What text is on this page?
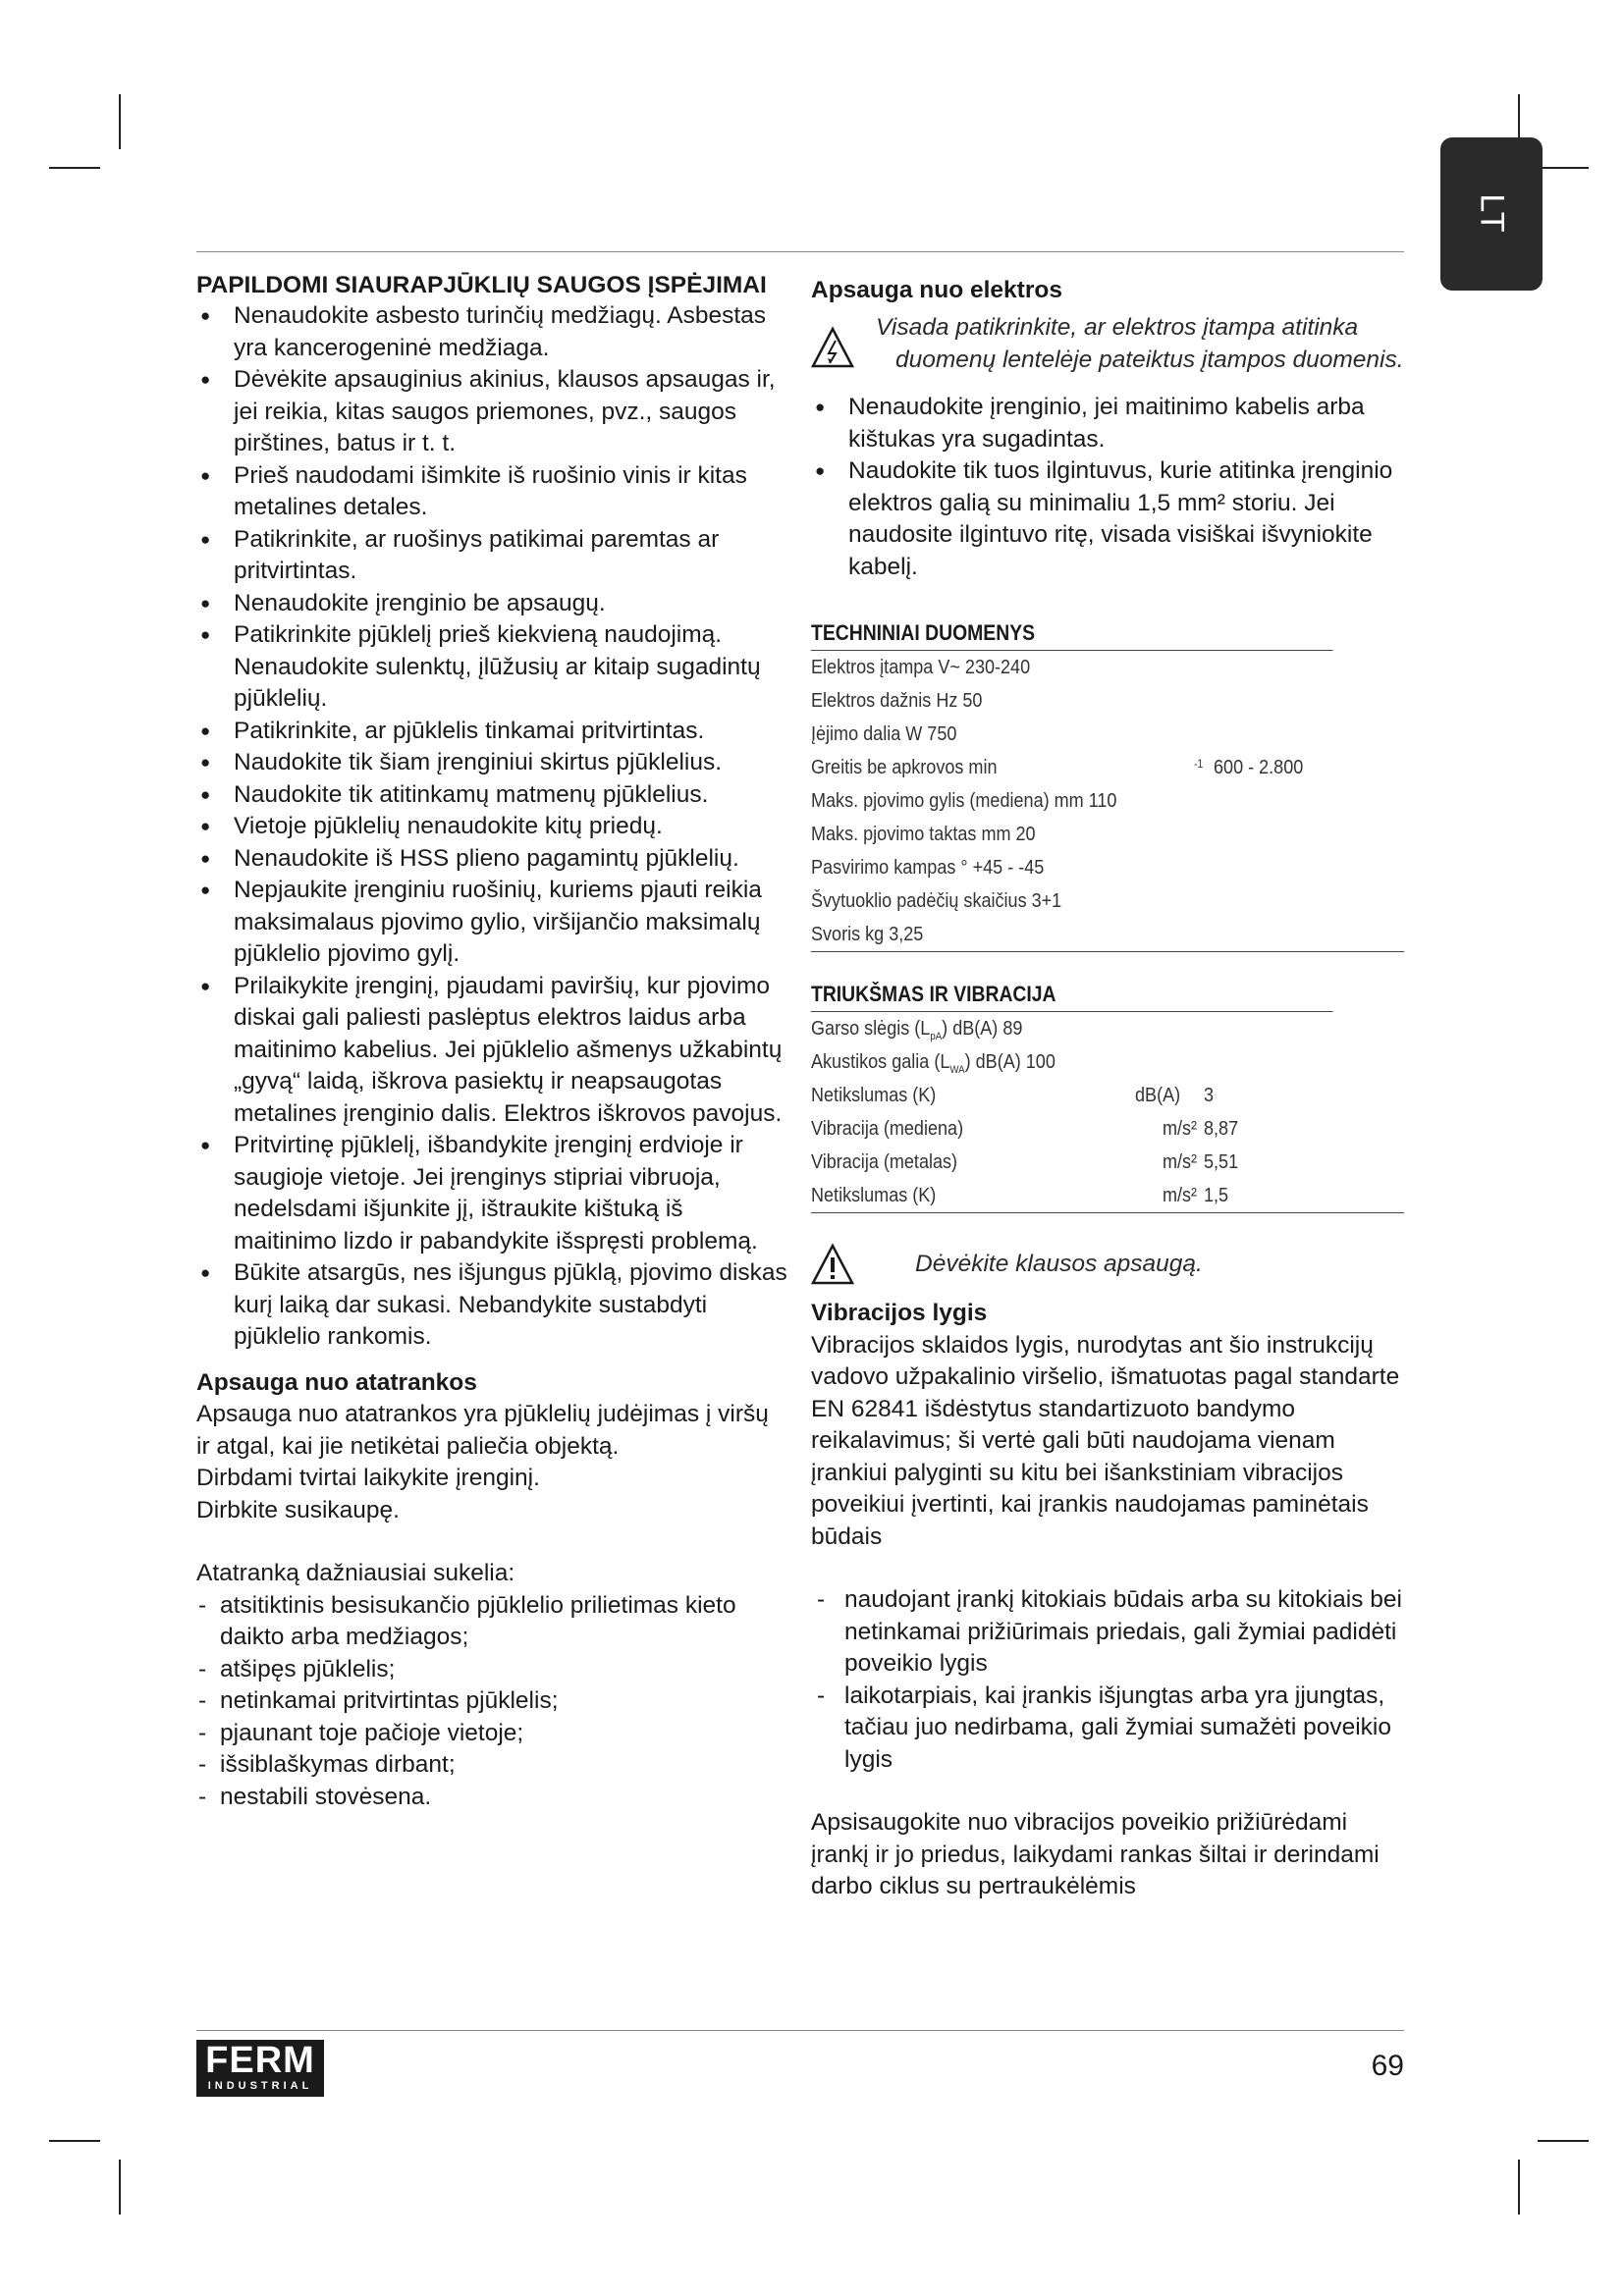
LT
PAPILDOMI SIAURAPJŪKLIŲ SAUGOS ĮSPĖJIMAI
● Nenaudokite asbesto turinčių medžiagų. Asbestas yra kancerogeninė medžiaga.
● Dėvėkite apsauginius akinius, klausos apsaugas ir, jei reikia, kitas saugos priemones, pvz., saugos pirštines, batus ir t. t.
● Prieš naudodami išimkite iš ruošinio vinis ir kitas metalines detales.
● Patikrinkite, ar ruošinys patikimai paremtas ar pritvirtintas.
● Nenaudokite įrenginio be apsaugų.
● Patikrinkite pjūklelį prieš kiekvieną naudojimą. Nenaudokite sulenktų, įlūžusių ar kitaip sugadintų pjūklelių.
● Patikrinkite, ar pjūklelis tinkamai pritvirtintas.
● Naudokite tik šiam įrenginiui skirtus pjūklelius.
● Naudokite tik atitinkamų matmenų pjūklelius.
● Vietoje pjūklelių nenaudokite kitų priedų.
● Nenaudokite iš HSS plieno pagamintų pjūklelių.
● Nepjaukite įrenginiu ruošinių, kuriems pjauti reikia maksimalaus pjovimo gylio, viršijančio maksimalų pjūklelio pjovimo gylį.
● Prilaikykite įrenginį, pjaudami paviršių, kur pjovimo diskai gali paliesti paslėptus elektros laidus arba maitinimo kabelius. Jei pjūklelio ašmenys užkabintų „gyvą“ laidą, iškrova pasiektų ir neapsaugotas metalines įrenginio dalis. Elektros iškrovos pavojus.
● Pritvirtinę pjūklelį, išbandykite įrenginį erdvioje ir saugioje vietoje. Jei įrenginys stipriai vibruoja, nedelsdami išjunkite jį, ištraukite kištuką iš maitinimo lizdo ir pabandykite išspręsti problemą.
● Būkite atsargūs, nes išjungus pjūklą, pjovimo diskas kurį laiką dar sukasi. Nebandykite sustabdyti pjūklelio rankomis.
Apsauga nuo atatrankos

Apsauga nuo atatrankos yra pjūklelių judėjimas į viršų ir atgal, kai jie netikėtai paliečia objektą.

Dirbdami tvirtai laikykite įrenginį.

Dirbkite susikaupę.

Atatranką dažniausiai sukelia:

- atsitiktinis besisukančio pjūklelio prilietimas kieto daikto arba medžiagos;
- atšipęs pjūklelis;
- netinkamai pritvirtintas pjūklelis;
- pjaunant toje pačioje vietoje;
- išsiblaškymas dirbant;
- nestabili stovėsena.
Apsauga nuo elektros

Visada patikrinkite, ar elektros įtampa atitinka duomenų lentelėje pateiktus įtampos duomenis.

● Nenaudokite įrenginio, jei maitinimo kabelis arba kištukas yra sugadintas.
● Naudokite tik tuos ilgintuvus, kurie atitinka įrenginio elektros galią su minimaliu 1,5 mm² storiu. Jei naudosite ilgintuvo ritę, visada visiškai išvyniokite kabelį.
TECHNINIAI DUOMENYS
Elektros įtampa V~ 230-240
Elektros dažnis Hz 50
Įėjimo dalia W 750
Greitis be apkrovos min	-1 600 - 2.800
Maks. pjovimo gylis (mediena) mm 110
Maks. pjovimo taktas mm 20
Pasvirimo kampas ° +45 - -45
Švytuoklio padėčių skaičius 3+1
Svoris kg 3,25
TRIUKŠMAS IR VIBRACIJA
Garso slėgis $(L_{pA})$ dB(A) 89
Akustikos galia $(L_{WA})$ dB(A) 100
Netikslumas (K)	dB(A) 3
Vibracija (mediena)	m/s² 8,87
Vibracija (metalas)	m/s² 5,51
Netikslumas (K)	m/s² 1,5

Dėvėkite klausos apsaugą.

Vibracijos lygis

Vibracijos sklaidos lygis, nurodytas ant šio instrukcijų vadovo užpakalinio viršelio, išmatuotas pagal standarte EN 62841 išdėstytus standartizuoto bandymo reikalavimus; ši vertė gali būti naudojama vienam įrankiui palyginti su kitu bei išankstiniam vibracijos poveikiui įvertinti, kai įrankis naudojamas paminėtais būdais

- naudojant įrankį kitokiais būdais arba su kitokiais bei netinkamai prižiūrimais priedais, gali žymiai padidėti poveikio lygis
- laikotarpiais, kai įrankis išjungtas arba yra įjungtas, tačiau juo nedirbama, gali žymiai sumažėti poveikio lygis

Apsisaugokite nuo vibracijos poveikio prižiūrėdami įrankį ir jo priedus, laikydami rankas šiltai ir derindami darbo ciklus su pertraukėlėmis

FERM
INDUSTRIAL
69
